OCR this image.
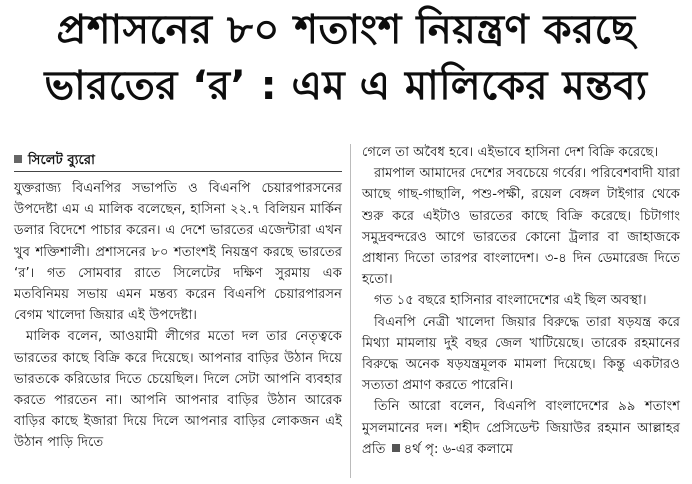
প্রশাসনের ৮০ শতাংশ নিয়ন্ত্রণ করছে
ভারতের ‘র’ : এম এ মালিকের মন্তব্য
সিলেট ব্যুরো

যুক্তরাজ্য বিএনপির সভাপতি ও বিএনপি চেয়ারপারসনের উপদেষ্টা এম এ মালিক বলেছেন, হাসিনা ২২.৭ বিলিয়ন মার্কিন ডলার বিদেশে পাচার করেন। এ দেশে ভারতের এজেন্টারা এখন খুব শক্তিশালী। প্রশাসনের ৮০ শতাংশই নিয়ন্ত্রণ করছে ভারতের ‘র’। গত সোমবার রাতে সিলেটের দক্ষিণ সুরমায় এক মতবিনিময় সভায় এমন মন্তব্য করেন বিএনপি চেয়ারপারসন বেগম খালেদা জিয়ার এই উপদেষ্টা।

মালিক বলেন, আওয়ামী লীগের মতো দল তার নেতৃত্বকে ভারতের কাছে বিক্রি করে দিয়েছে। আপনার বাড়ির উঠান দিয়ে ভারতকে করিডোর দিতে চেয়েছিল। দিলে সেটা আপনি ব্যবহার করতে পারতেন না। আপনি আপনার বাড়ির উঠান আরেক বাড়ির কাছে ইজারা দিয়ে দিলে আপনার বাড়ির লোকজন এই উঠান পাড়ি দিতে

গেলে তা অবৈধ হবে। এইভাবে হাসিনা দেশ বিক্রি করেছে।

রামপাল আমাদের দেশের সবচেয়ে গর্বের। পরিবেশবাদী যারা আছে গাছ-গাছালি, পশু-পক্ষী, রয়েল বেঙ্গল টাইগার থেকে শুরু করে এইটাও ভারতের কাছে বিক্রি করেছে। চিটাগাং সমুদ্রবন্দরেও আগে ভারতের কোনো ট্রলার বা জাহাজকে প্রাধান্য দিতো তারপর বাংলাদেশ। ৩-৪ দিন ডেমারেজ দিতে হতো।

গত ১৫ বছরে হাসিনার বাংলাদেশের এই ছিল অবস্থা।

বিএনপি নেত্রী খালেদা জিয়ার বিরুদ্ধে তারা ষড়যন্ত্র করে মিথ্যা মামলায় দুই বছর জেল খাটিয়েছে। তারেক রহমানের বিরুদ্ধে অনেক ষড়যন্ত্রমূলক মামলা দিয়েছে। কিন্তু একটারও সত্যতা প্রমাণ করতে পারেনি।

তিনি আরো বলেন, বিএনপি বাংলাদেশের ৯৯ শতাংশ মুসলমানের দল। শহীদ প্রেসিডেন্ট জিয়াউর রহমান আল্লাহর প্রতি ৪র্থ পৃ: ৬-এর কলামে
